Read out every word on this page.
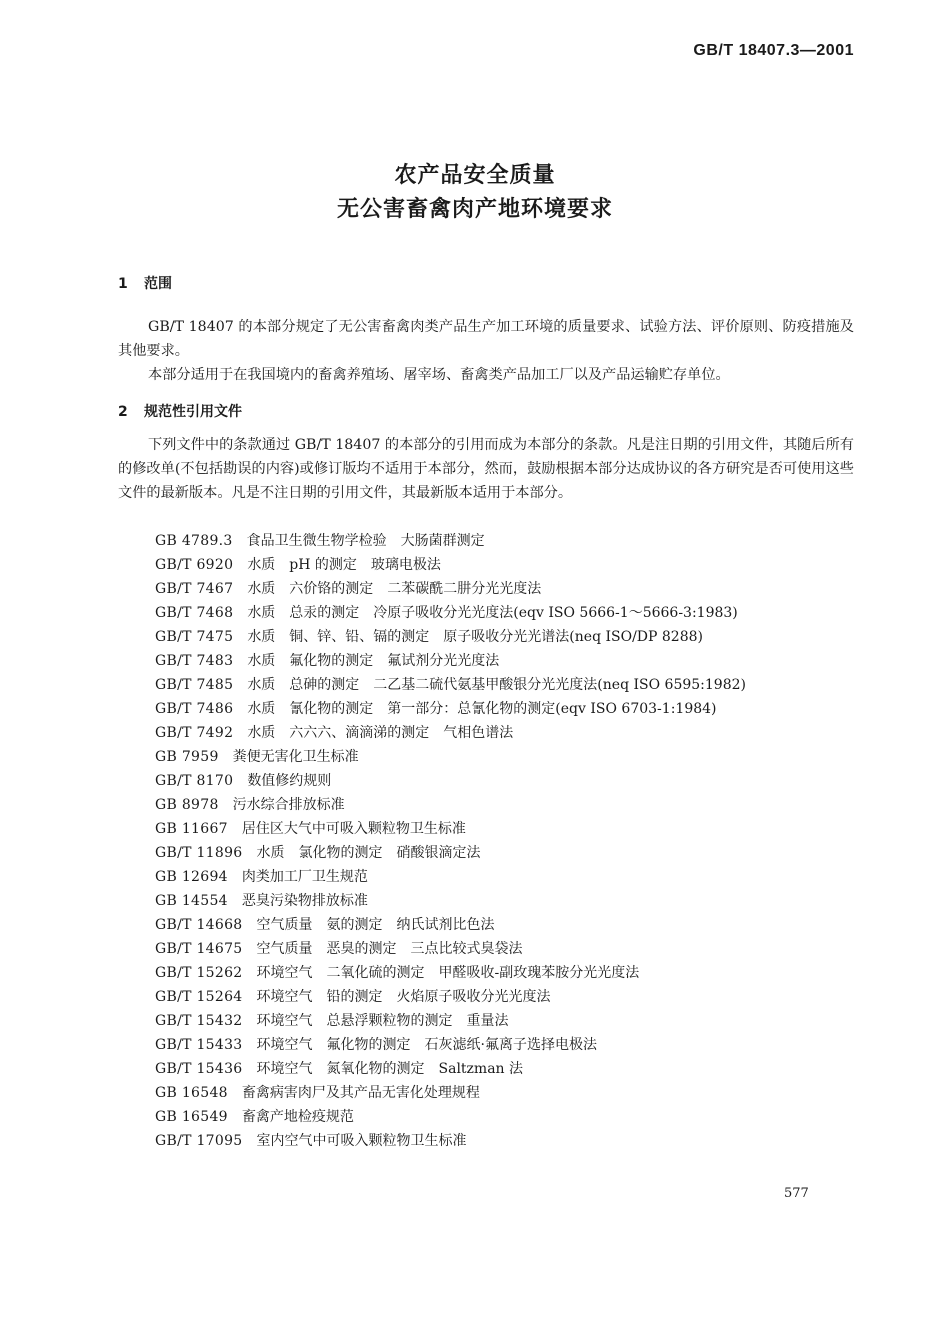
GB/T 18407.3—2001
农产品安全质量
无公害畜禽肉产地环境要求
1 范围

GB/T 18407 的本部分规定了无公害畜禽肉类产品生产加工环境的质量要求、试验方法、评价原则、防疫措施及其他要求。

本部分适用于在我国境内的畜禽养殖场、屠宰场、畜禽类产品加工厂以及产品运输贮存单位。

2 规范性引用文件

下列文件中的条款通过 GB/T 18407 的本部分的引用而成为本部分的条款。凡是注日期的引用文件，其随后所有的修改单(不包括勘误的内容)或修订版均不适用于本部分，然而，鼓励根据本部分达成协议的各方研究是否可使用这些文件的最新版本。凡是不注日期的引用文件，其最新版本适用于本部分。

GB 4789.3 食品卫生微生物学检验　大肠菌群测定
GB/T 6920 水质　pH 的测定　玻璃电极法
GB/T 7467 水质　六价铬的测定　二苯碳酰二肼分光光度法
GB/T 7468 水质　总汞的测定　冷原子吸收分光光度法(eqv ISO 5666-1～5666-3:1983)
GB/T 7475 水质　铜、锌、铅、镉的测定　原子吸收分光光谱法(neq ISO/DP 8288)
GB/T 7483 水质　氟化物的测定　氟试剂分光光度法
GB/T 7485 水质　总砷的测定　二乙基二硫代氨基甲酸银分光光度法(neq ISO 6595:1982)
GB/T 7486 水质　氰化物的测定　第一部分：总氰化物的测定(eqv ISO 6703-1:1984)
GB/T 7492 水质　六六六、滴滴涕的测定　气相色谱法
GB 7959 粪便无害化卫生标准
GB/T 8170 数值修约规则
GB 8978 污水综合排放标准
GB 11667 居住区大气中可吸入颗粒物卫生标准
GB/T 11896 水质　氯化物的测定　硝酸银滴定法
GB 12694 肉类加工厂卫生规范
GB 14554 恶臭污染物排放标准
GB/T 14668 空气质量　氨的测定　纳氏试剂比色法
GB/T 14675 空气质量　恶臭的测定　三点比较式臭袋法
GB/T 15262 环境空气　二氧化硫的测定　甲醛吸收-副玫瑰苯胺分光光度法
GB/T 15264 环境空气　铅的测定　火焰原子吸收分光光度法
GB/T 15432 环境空气　总悬浮颗粒物的测定　重量法
GB/T 15433 环境空气　氟化物的测定　石灰滤纸·氟离子选择电极法
GB/T 15436 环境空气　氮氧化物的测定　Saltzman 法
GB 16548 畜禽病害肉尸及其产品无害化处理规程
GB 16549 畜禽产地检疫规范
GB/T 17095 室内空气中可吸入颗粒物卫生标准
577
